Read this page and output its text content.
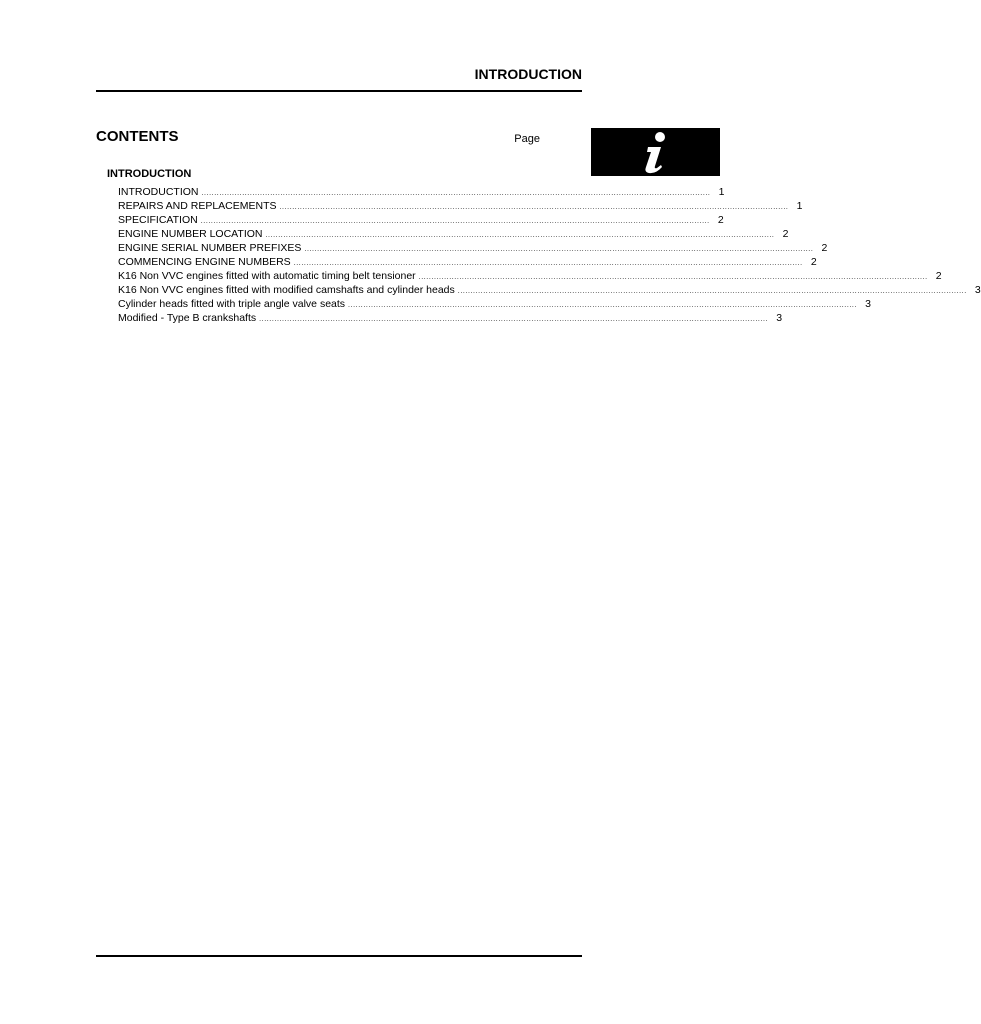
INTRODUCTION
CONTENTS	Page
INTRODUCTION
INTRODUCTION ........................................................................................................................................................................................................ 1
REPAIRS AND REPLACEMENTS ........................................................................................................................................................................................................ 1
SPECIFICATION ........................................................................................................................................................................................................ 2
ENGINE NUMBER LOCATION ........................................................................................................................................................................................................ 2
ENGINE SERIAL NUMBER PREFIXES ........................................................................................................................................................................................................ 2
COMMENCING ENGINE NUMBERS ........................................................................................................................................................................................................ 2
K16 Non VVC engines fitted with automatic timing belt tensioner ........................................................................................................................................................................................................ 2
K16 Non VVC engines fitted with modified camshafts and cylinder heads ........................................................................................................................................................................................................ 3
Cylinder heads fitted with triple angle valve seats ........................................................................................................................................................................................................ 3
Modified - Type B crankshafts ........................................................................................................................................................................................................ 3
